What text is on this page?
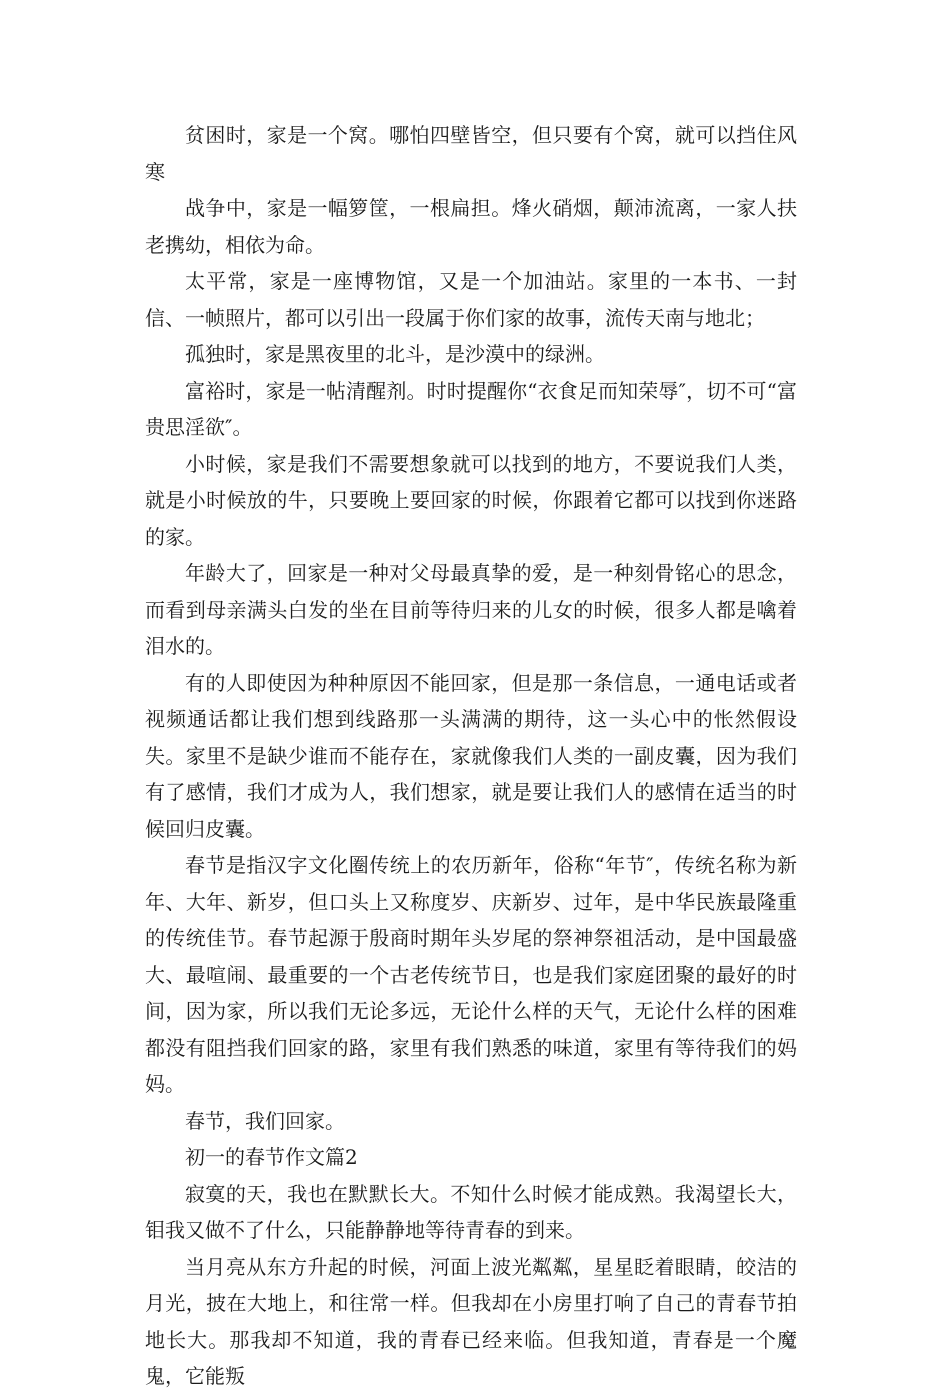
贫困时，家是一个窝。哪怕四壁皆空，但只要有个窝，就可以挡住风寒

战争中，家是一幅箩筐，一根扁担。烽火硝烟，颠沛流离，一家人扶老携幼，相依为命。

太平常，家是一座博物馆，又是一个加油站。家里的一本书、一封信、一帧照片，都可以引出一段属于你们家的故事，流传天南与地北；

孤独时，家是黑夜里的北斗，是沙漠中的绿洲。

富裕时，家是一帖清醒剂。时时提醒你“衣食足而知荣辱″，切不可“富贵思淫欲″。

小时候，家是我们不需要想象就可以找到的地方，不要说我们人类，就是小时候放的牛，只要晚上要回家的时候，你跟着它都可以找到你迷路的家。

年龄大了，回家是一种对父母最真挚的爱，是一种刻骨铭心的思念，而看到母亲满头白发的坐在目前等待归来的儿女的时候，很多人都是噙着泪水的。

有的人即使因为种种原因不能回家，但是那一条信息，一通电话或者视频通话都让我们想到线路那一头满满的期待，这一头心中的怅然假设失。家里不是缺少谁而不能存在，家就像我们人类的一副皮囊，因为我们有了感情，我们才成为人，我们想家，就是要让我们人的感情在适当的时候回归皮囊。

春节是指汉字文化圈传统上的农历新年，俗称“年节″，传统名称为新年、大年、新岁，但口头上又称度岁、庆新岁、过年，是中华民族最隆重的传统佳节。春节起源于殷商时期年头岁尾的祭神祭祖活动，是中国最盛大、最喧闹、最重要的一个古老传统节日，也是我们家庭团聚的最好的时间，因为家，所以我们无论多远，无论什么样的天气，无论什么样的困难都没有阻挡我们回家的路，家里有我们熟悉的味道，家里有等待我们的妈妈。

春节，我们回家。

初一的春节作文篇2

寂寞的天，我也在默默长大。不知什么时候才能成熟。我渴望长大，钼我又做不了什么，只能静静地等待青春的到来。

当月亮从东方升起的时候，河面上波光粼粼，星星眨着眼睛，皎洁的月光，披在大地上，和往常一样。但我却在小房里打响了自己的青春节拍地长大。那我却不知道，我的青春已经来临。但我知道，青春是一个魔鬼，它能叛
